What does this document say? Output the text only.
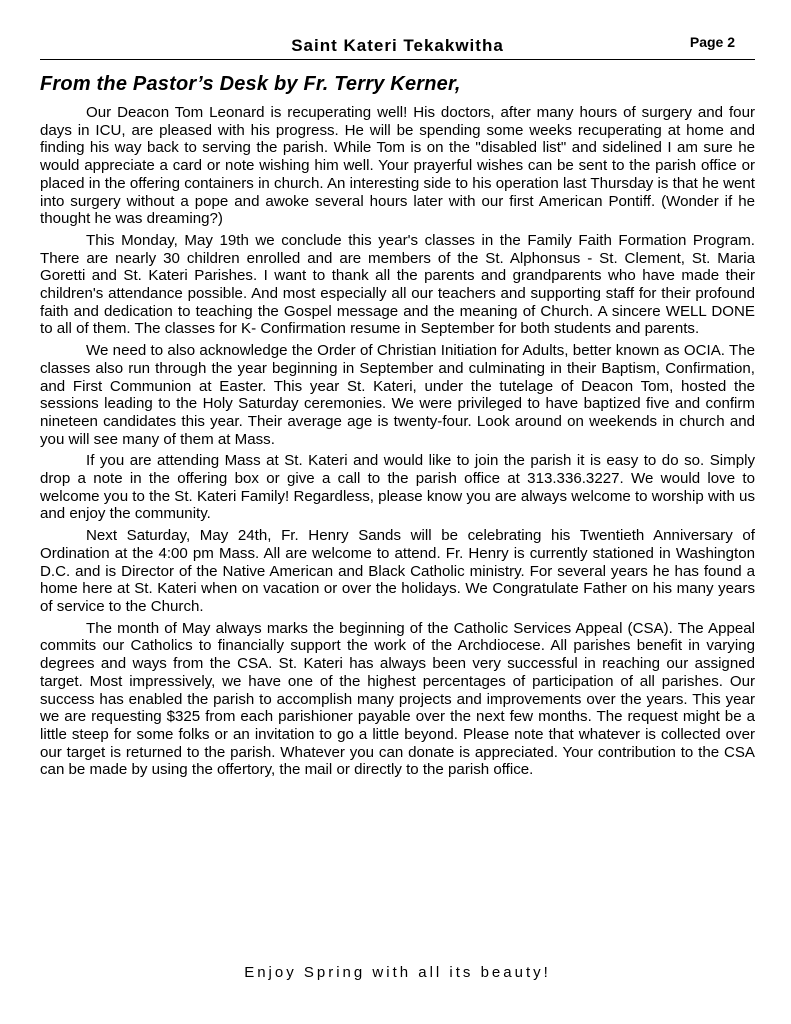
Saint Kateri Tekakwitha	Page 2
From the Pastor’s Desk by Fr. Terry Kerner,

Our Deacon Tom Leonard is recuperating well! His doctors, after many hours of surgery and four days in ICU, are pleased with his progress. He will be spending some weeks recuperating at home and finding his way back to serving the parish. While Tom is on the "disabled list" and sidelined I am sure he would appreciate a card or note wishing him well. Your prayerful wishes can be sent to the parish office or placed in the offering containers in church. An interesting side to his operation last Thursday is that he went into surgery without a pope and awoke several hours later with our first American Pontiff. (Wonder if he thought he was dreaming?)

This Monday, May 19th we conclude this year's classes in the Family Faith Formation Program. There are nearly 30 children enrolled and are members of the St. Alphonsus - St. Clement, St. Maria Goretti and St. Kateri Parishes. I want to thank all the parents and grandparents who have made their children's attendance possible. And most especially all our teachers and supporting staff for their profound faith and dedication to teaching the Gospel message and the meaning of Church. A sincere WELL DONE to all of them. The classes for K- Confirmation resume in September for both students and parents.

We need to also acknowledge the Order of Christian Initiation for Adults, better known as OCIA. The classes also run through the year beginning in September and culminating in their Baptism, Confirmation, and First Communion at Easter. This year St. Kateri, under the tutelage of Deacon Tom, hosted the sessions leading to the Holy Saturday ceremonies. We were privileged to have baptized five and confirm nineteen candidates this year. Their average age is twenty-four. Look around on weekends in church and you will see many of them at Mass.

If you are attending Mass at St. Kateri and would like to join the parish it is easy to do so. Simply drop a note in the offering box or give a call to the parish office at 313.336.3227. We would love to welcome you to the St. Kateri Family! Regardless, please know you are always welcome to worship with us and enjoy the community.

Next Saturday, May 24th, Fr. Henry Sands will be celebrating his Twentieth Anniversary of Ordination at the 4:00 pm Mass. All are welcome to attend. Fr. Henry is currently stationed in Washington D.C. and is Director of the Native American and Black Catholic ministry. For several years he has found a home here at St. Kateri when on vacation or over the holidays. We Congratulate Father on his many years of service to the Church.

The month of May always marks the beginning of the Catholic Services Appeal (CSA). The Appeal commits our Catholics to financially support the work of the Archdiocese. All parishes benefit in varying degrees and ways from the CSA. St. Kateri has always been very successful in reaching our assigned target. Most impressively, we have one of the highest percentages of participation of all parishes. Our success has enabled the parish to accomplish many projects and improvements over the years. This year we are requesting $325 from each parishioner payable over the next few months. The request might be a little steep for some folks or an invitation to go a little beyond. Please note that whatever is collected over our target is returned to the parish. Whatever you can donate is appreciated. Your contribution to the CSA can be made by using the offertory, the mail or directly to the parish office.

Enjoy Spring with all its beauty!
